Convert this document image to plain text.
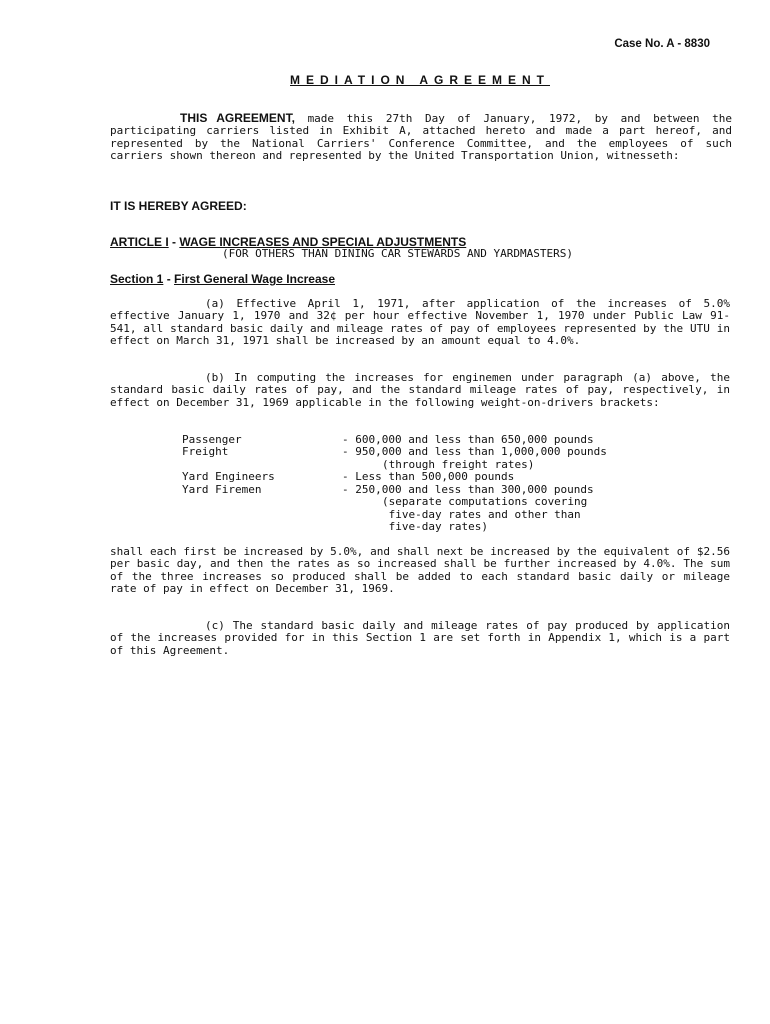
Case No. A - 8830
MEDIATION AGREEMENT
THIS AGREEMENT, made this 27th Day of January, 1972, by and between the participating carriers listed in Exhibit A, attached hereto and made a part hereof, and represented by the National Carriers' Conference Committee, and the employees of such carriers shown thereon and represented by the United Transportation Union, witnesseth:
IT IS HEREBY AGREED:
ARTICLE I - WAGE INCREASES AND SPECIAL ADJUSTMENTS
(FOR OTHERS THAN DINING CAR STEWARDS AND YARDMASTERS)
Section 1 - First General Wage Increase
(a) Effective April 1, 1971, after application of the increases of 5.0% effective January 1, 1970 and 32¢ per hour effective November 1, 1970 under Public Law 91-541, all standard basic daily and mileage rates of pay of employees represented by the UTU in effect on March 31, 1971 shall be increased by an amount equal to 4.0%.
(b) In computing the increases for enginemen under paragraph (a) above, the standard basic daily rates of pay, and the standard mileage rates of pay, respectively, in effect on December 31, 1969 applicable in the following weight-on-drivers brackets:
Passenger	- 600,000 and less than 650,000 pounds
Freight	- 950,000 and less than 1,000,000 pounds
(through freight rates)
Yard Engineers	- Less than 500,000 pounds
Yard Firemen	- 250,000 and less than 300,000 pounds
(separate computations covering
five-day rates and other than
five-day rates)
shall each first be increased by 5.0%, and shall next be increased by the equivalent of $2.56 per basic day, and then the rates as so increased shall be further increased by 4.0%. The sum of the three increases so produced shall be added to each standard basic daily or mileage rate of pay in effect on December 31, 1969.
(c) The standard basic daily and mileage rates of pay produced by application of the increases provided for in this Section 1 are set forth in Appendix 1, which is a part of this Agreement.
